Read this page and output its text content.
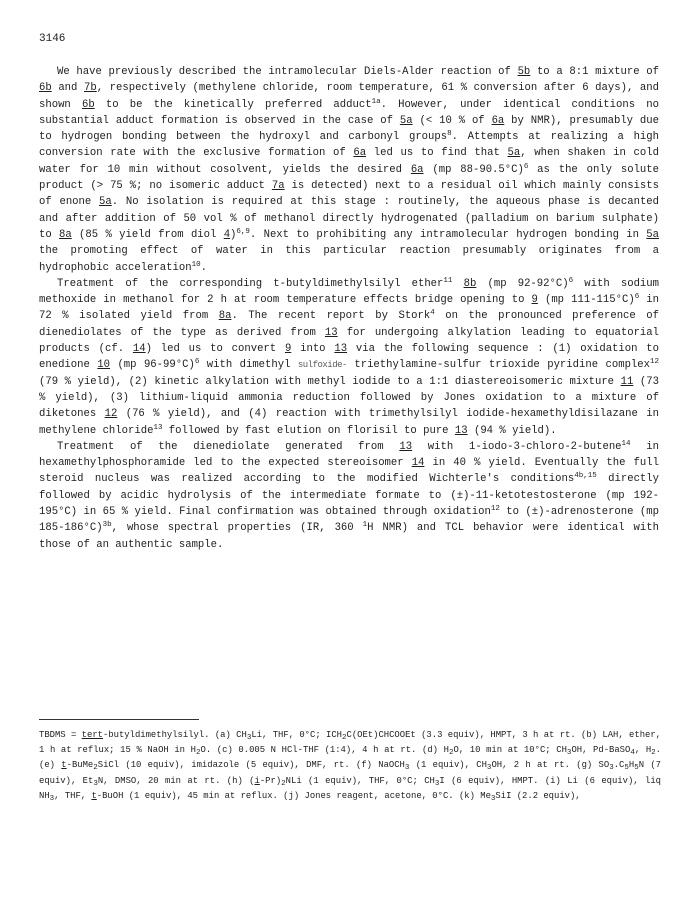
3146

We have previously described the intramolecular Diels-Alder reaction of 5b to a 8:1 mixture of 6b and 7b, respectively (methylene chloride, room temperature, 61 % conversion after 6 days), and shown 6b to be the kinetically preferred adduct$^{1a}$. However, under identical conditions no substantial adduct formation is observed in the case of 5a (< 10 % of 6a by NMR), presumably due to hydrogen bonding between the hydroxyl and carbonyl groups$^8$. Attempts at realizing a high conversion rate with the exclusive formation of 6a led us to find that 5a, when shaken in cold water for 10 min without cosolvent, yields the desired 6a (mp 88-90.5°C)$^6$ as the only solute product (> 75 %; no isomeric adduct 7a is detected) next to a residual oil which mainly consists of enone 5a. No isolation is required at this stage : routinely, the aqueous phase is decanted and after addition of 50 vol % of methanol directly hydrogenated (palladium on barium sulphate) to 8a (85 % yield from diol 4)$^{6,9}$. Next to prohibiting any intramolecular hydrogen bonding in 5a the promoting effect of water in this particular reaction presumably originates from a hydrophobic acceleration$^{10}$.

Treatment of the corresponding t-butyldimethylsilyl ether$^{11}$ 8b (mp 92-92°C)$^6$ with sodium methoxide in methanol for 2 h at room temperature effects bridge opening to 9 (mp 111-115°C)$^6$ in 72 % isolated yield from 8a. The recent report by Stork$^4$ on the pronounced preference of dienediolates of the type as derived from 13 for undergoing alkylation leading to equatorial products (cf. 14) led us to convert 9 into 13 via the following sequence : (1) oxidation to enedione 10 (mp 96-99°C)$^6$ with dimethyl sulfoxide- triethylamine-sulfur trioxide pyridine complex$^{12}$ (79 % yield), (2) kinetic alkylation with methyl iodide to a 1:1 diastereoisomeric mixture 11 (73 % yield), (3) lithium-liquid ammonia reduction followed by Jones oxidation to a mixture of diketones 12 (76 % yield), and (4) reaction with trimethylsilyl iodide-hexamethyldisilazane in methylene chloride$^{13}$ followed by fast elution on florisil to pure 13 (94 % yield).

Treatment of the dienediolate generated from 13 with 1-iodo-3-chloro-2-butene$^{14}$ in hexamethylphosphoramide led to the expected stereoisomer 14 in 40 % yield. Eventually the full steroid nucleus was realized according to the modified Wichterle's conditions$^{4b,15}$ directly followed by acidic hydrolysis of the intermediate formate to (±)-11-ketotestosterone (mp 192-195°C) in 65 % yield. Final confirmation was obtained through oxidation$^{12}$ to (±)-adrenosterone (mp 185-186°C)$^{3b}$, whose spectral properties (IR, 360 $^1$H NMR) and TCL behavior were identical with those of an authentic sample.

TBDMS = tert-butyldimethylsilyl. (a) $CH_3Li$, THF, 0°C; $ICH_2C(OEt)CHCOOEt$ (3.3 equiv), HMPT, 3 h at rt. (b) LAH, ether, 1 h at reflux; 15 % NaOH in $H_2O$. (c) 0.005 N HCl-THF (1:4), 4 h at rt. (d) $H_2O$, 10 min at 10°C; $CH_3OH$, Pd-BaSO$_4$, $H_2$. (e) t-BuMe$_2$SiCl (10 equiv), imidazole (5 equiv), DMF, rt. (f) NaOCH$_3$ (1 equiv), $CH_3OH$, 2 h at rt. (g) $SO_3.C_5H_5N$ (7 equiv), $Et_3N$, DMSO, 20 min at rt. (h) $(i-Pr)_2NLi$ (1 equiv), THF, 0°C; $CH_3I$ (6 equiv), HMPT. (i) Li (6 equiv), liq $NH_3$, THF, t-BuOH (1 equiv), 45 min at reflux. (j) Jones reagent, acetone, 0°C. (k) $Me_3SiI$ (2.2 equiv),
